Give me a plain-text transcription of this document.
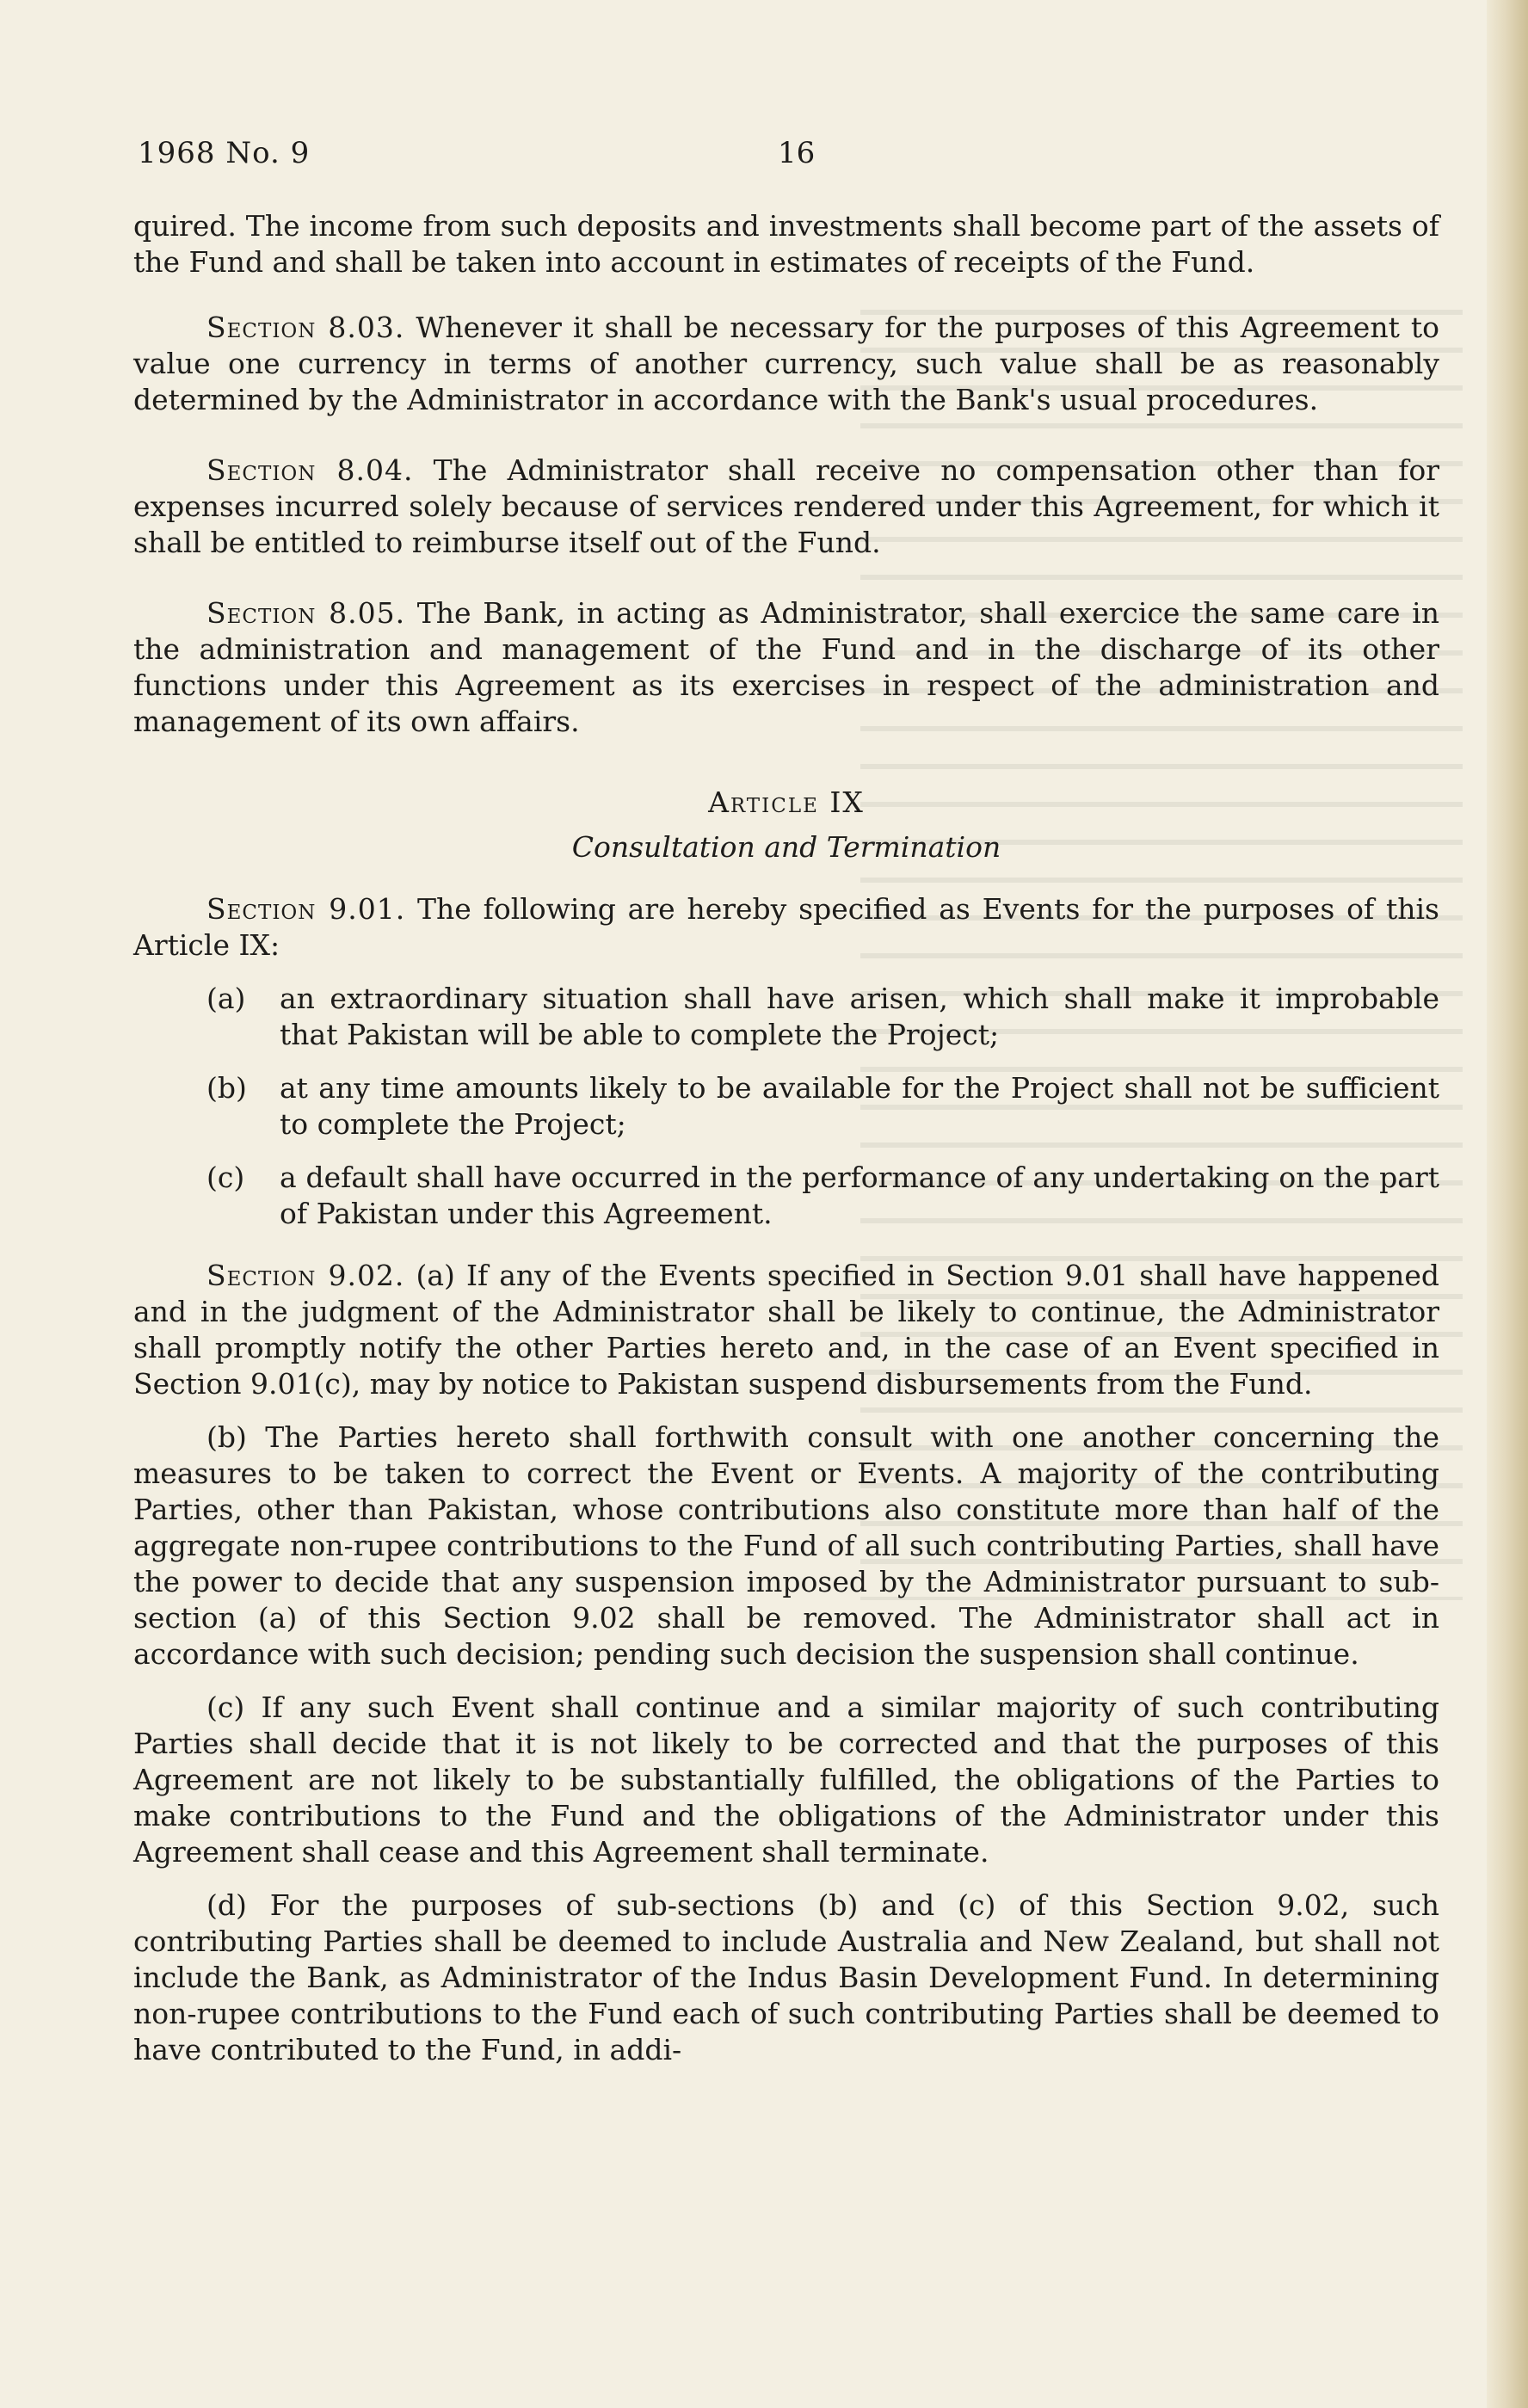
1968 No. 9	16

quired. The income from such deposits and investments shall become part of the assets of the Fund and shall be taken into account in estimates of receipts of the Fund.

Section 8.03. Whenever it shall be necessary for the purposes of this Agreement to value one currency in terms of another currency, such value shall be as reasonably determined by the Administrator in accordance with the Bank's usual procedures.

Section 8.04. The Administrator shall receive no compensation other than for expenses incurred solely because of services rendered under this Agreement, for which it shall be entitled to reimburse itself out of the Fund.

Section 8.05. The Bank, in acting as Administrator, shall exercice the same care in the administration and management of the Fund and in the discharge of its other functions under this Agreement as its exercises in respect of the administration and management of its own affairs.

Article IX
Consultation and Termination

Section 9.01. The following are hereby specified as Events for the purposes of this Article IX:

(a) an extraordinary situation shall have arisen, which shall make it improbable that Pakistan will be able to complete the Project;
(b) at any time amounts likely to be available for the Project shall not be sufficient to complete the Project;
(c) a default shall have occurred in the performance of any undertaking on the part of Pakistan under this Agreement.

Section 9.02. (a) If any of the Events specified in Section 9.01 shall have happened and in the judgment of the Administrator shall be likely to continue, the Administrator shall promptly notify the other Parties hereto and, in the case of an Event specified in Section 9.01(c), may by notice to Pakistan suspend disbursements from the Fund.

(b) The Parties hereto shall forthwith consult with one another concerning the measures to be taken to correct the Event or Events. A majority of the contributing Parties, other than Pakistan, whose contributions also constitute more than half of the aggregate non-rupee contributions to the Fund of all such contributing Parties, shall have the power to decide that any suspension imposed by the Administrator pursuant to sub-section (a) of this Section 9.02 shall be removed. The Administrator shall act in accordance with such decision; pending such decision the suspension shall continue.

(c) If any such Event shall continue and a similar majority of such contributing Parties shall decide that it is not likely to be corrected and that the purposes of this Agreement are not likely to be substantially fulfilled, the obligations of the Parties to make contributions to the Fund and the obligations of the Administrator under this Agreement shall cease and this Agreement shall terminate.

(d) For the purposes of sub-sections (b) and (c) of this Section 9.02, such contributing Parties shall be deemed to include Australia and New Zealand, but shall not include the Bank, as Administrator of the Indus Basin Development Fund. In determining non-rupee contributions to the Fund each of such contributing Parties shall be deemed to have contributed to the Fund, in addi-
